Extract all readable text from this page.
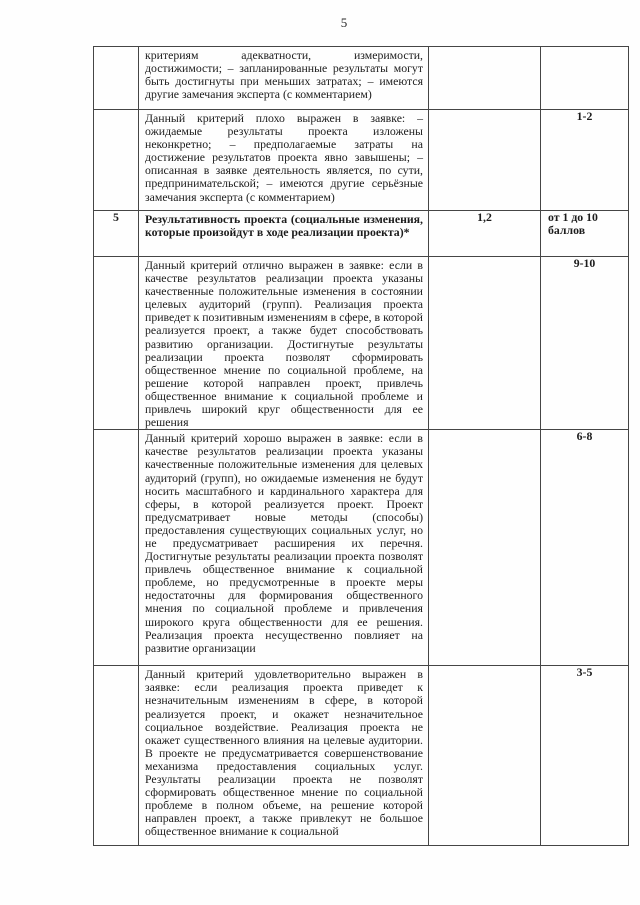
5

	критериям адекватности, измеримости, достижимости; – запланированные результаты могут быть достигнуты при меньших затратах; – имеются другие замечания эксперта (с комментарием)		

	Данный критерий плохо выражен в заявке: – ожидаемые результаты проекта изложены неконкретно; – предполагаемые затраты на достижение результатов проекта явно завышены; – описанная в заявке деятельность является, по сути, предпринимательской; – имеются другие серьёзные замечания эксперта (с комментарием)		1-2
5	Результативность проекта (социальные изменения, которые произойдут в ходе реализации проекта)*	1,2	от 1 до 10 баллов

	Данный критерий отлично выражен в заявке: если в качестве результатов реализации проекта указаны качественные положительные изменения в состоянии целевых аудиторий (групп). Реализация проекта приведет к позитивным изменениям в сфере, в которой реализуется проект, а также будет способствовать развитию организации. Достигнутые результаты реализации проекта позволят сформировать общественное мнение по социальной проблеме, на решение которой направлен проект, привлечь общественное внимание к социальной проблеме и привлечь широкий круг общественности для ее решения		9-10

	Данный критерий хорошо выражен в заявке: если в качестве результатов реализации проекта указаны качественные положительные изменения для целевых аудиторий (групп), но ожидаемые изменения не будут носить масштабного и кардинального характера для сферы, в которой реализуется проект. Проект предусматривает новые методы (способы) предоставления существующих социальных услуг, но не предусматривает расширения их перечня. Достигнутые результаты реализации проекта позволят привлечь общественное внимание к социальной проблеме, но предусмотренные в проекте меры недостаточны для формирования общественного мнения по социальной проблеме и привлечения широкого круга общественности для ее решения. Реализация проекта несущественно повлияет на развитие организации		6-8

	Данный критерий удовлетворительно выражен в заявке: если реализация проекта приведет к незначительным изменениям в сфере, в которой реализуется проект, и окажет незначительное социальное воздействие. Реализация проекта не окажет существенного влияния на целевые аудитории. В проекте не предусматривается совершенствование механизма предоставления социальных услуг. Результаты реализации проекта не позволят сформировать общественное мнение по социальной проблеме в полном объеме, на решение которой направлен проект, а также привлекут не большое общественное внимание к социальной		3-5
